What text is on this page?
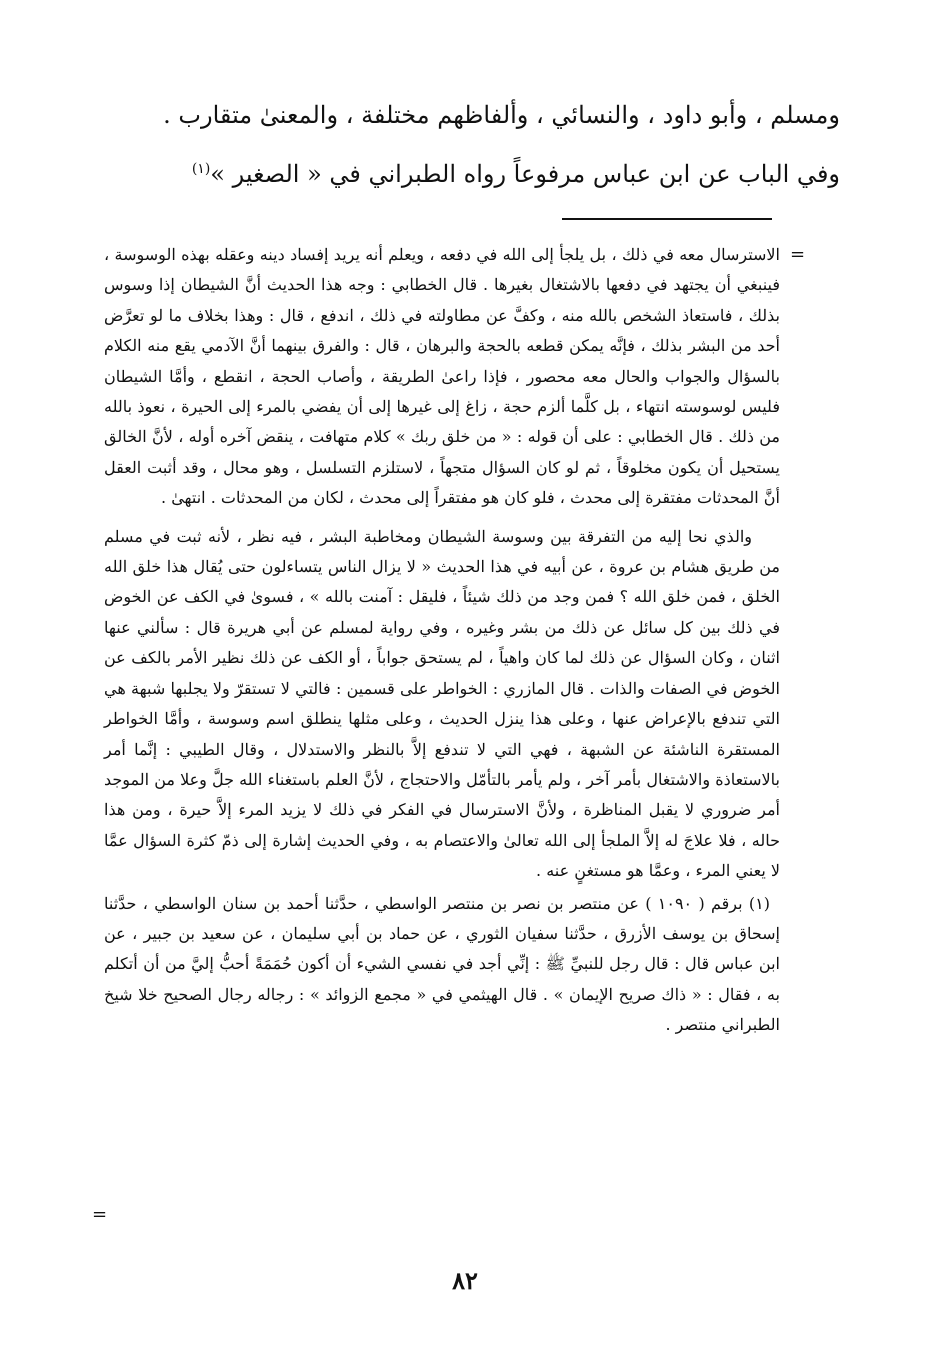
ومسلم ، وأبو داود ، والنسائي ، وألفاظهم مختلفة ، والمعنىٰ متقارب .

وفي الباب عن ابن عباس مرفوعاً رواه الطبراني في « الصغير »$^{(١)}$

=

الاسترسال معه في ذلك ، بل يلجأ إلى الله في دفعه ، ويعلم أنه يريد إفساد دينه وعقله بهذه الوسوسة ، فينبغي أن يجتهد في دفعها بالاشتغال بغيرها . قال الخطابي : وجه هذا الحديث أنَّ الشيطان إذا وسوس بذلك ، فاستعاذ الشخص بالله منه ، وكفَّ عن مطاولته في ذلك ، اندفع ، قال : وهذا بخلاف ما لو تعرَّض أحد من البشر بذلك ، فإنَّه يمكن قطعه بالحجة والبرهان ، قال : والفرق بينهما أنَّ الآدمي يقع منه الكلام بالسؤال والجواب والحال معه محصور ، فإذا راعىٰ الطريقة ، وأصاب الحجة ، انقطع ، وأمَّا الشيطان فليس لوسوسته انتهاء ، بل كلَّما ألزم حجة ، زاغ إلى غيرها إلى أن يفضي بالمرء إلى الحيرة ، نعوذ بالله من ذلك . قال الخطابي : على أن قوله : « من خلق ربك » كلام متهافت ، ينقض آخره أوله ، لأنَّ الخالق يستحيل أن يكون مخلوقاً ، ثم لو كان السؤال متجهاً ، لاستلزم التسلسل ، وهو محال ، وقد أثبت العقل أنَّ المحدثات مفتقرة إلى محدث ، فلو كان هو مفتقراً إلى محدث ، لكان من المحدثات . انتهىٰ .

والذي نحا إليه من التفرقة بين وسوسة الشيطان ومخاطبة البشر ، فيه نظر ، لأنه ثبت في مسلم من طريق هشام بن عروة ، عن أبيه في هذا الحديث « لا يزال الناس يتساءلون حتى يُقال هذا خلق الله الخلق ، فمن خلق الله ؟ فمن وجد من ذلك شيئاً ، فليقل : آمنت بالله » ، فسوىٰ في الكف عن الخوض في ذلك بين كل سائل عن ذلك من بشر وغيره ، وفي رواية لمسلم عن أبي هريرة قال : سألني عنها اثنان ، وكان السؤال عن ذلك لما كان واهياً ، لم يستحق جواباً ، أو الكف عن ذلك نظير الأمر بالكف عن الخوض في الصفات والذات . قال المازري : الخواطر على قسمين : فالتي لا تستقرّ ولا يجلبها شبهة هي التي تندفع بالإعراض عنها ، وعلى هذا ينزل الحديث ، وعلى مثلها ينطلق اسم وسوسة ، وأمَّا الخواطر المستقرة الناشئة عن الشبهة ، فهي التي لا تندفع إلاَّ بالنظر والاستدلال ، وقال الطيبي : إنَّما أمر بالاستعاذة والاشتغال بأمر آخر ، ولم يأمر بالتأمّل والاحتجاج ، لأنَّ العلم باستغناء الله جلَّ وعلا من الموجد أمر ضروري لا يقبل المناظرة ، ولأنَّ الاسترسال في الفكر في ذلك لا يزيد المرء إلاَّ حيرة ، ومن هذا حاله ، فلا علاجَ له إلاَّ الملجأ إلى الله تعالىٰ والاعتصام به ، وفي الحديث إشارة إلى ذمّ كثرة السؤال عمَّا لا يعني المرء ، وعمَّا هو مستغنٍ عنه .

(١) برقم ( ١٠٩٠ ) عن منتصر بن نصر بن منتصر الواسطي ، حدَّثنا أحمد بن سنان الواسطي ، حدَّثنا إسحاق بن يوسف الأزرق ، حدَّثنا سفيان الثوري ، عن حماد بن أبي سليمان ، عن سعيد بن جبير ، عن ابن عباس قال : قال رجل للنبيِّ ﷺ : إنِّي أجد في نفسي الشيء أن أكون حُمَمَةً أحبُّ إليَّ من أن أتكلم به ، فقال : « ذاك صريح الإيمان » . قال الهيثمي في « مجمع الزوائد » : رجاله رجال الصحيح خلا شيخ الطبراني منتصر .

=
٨٢
